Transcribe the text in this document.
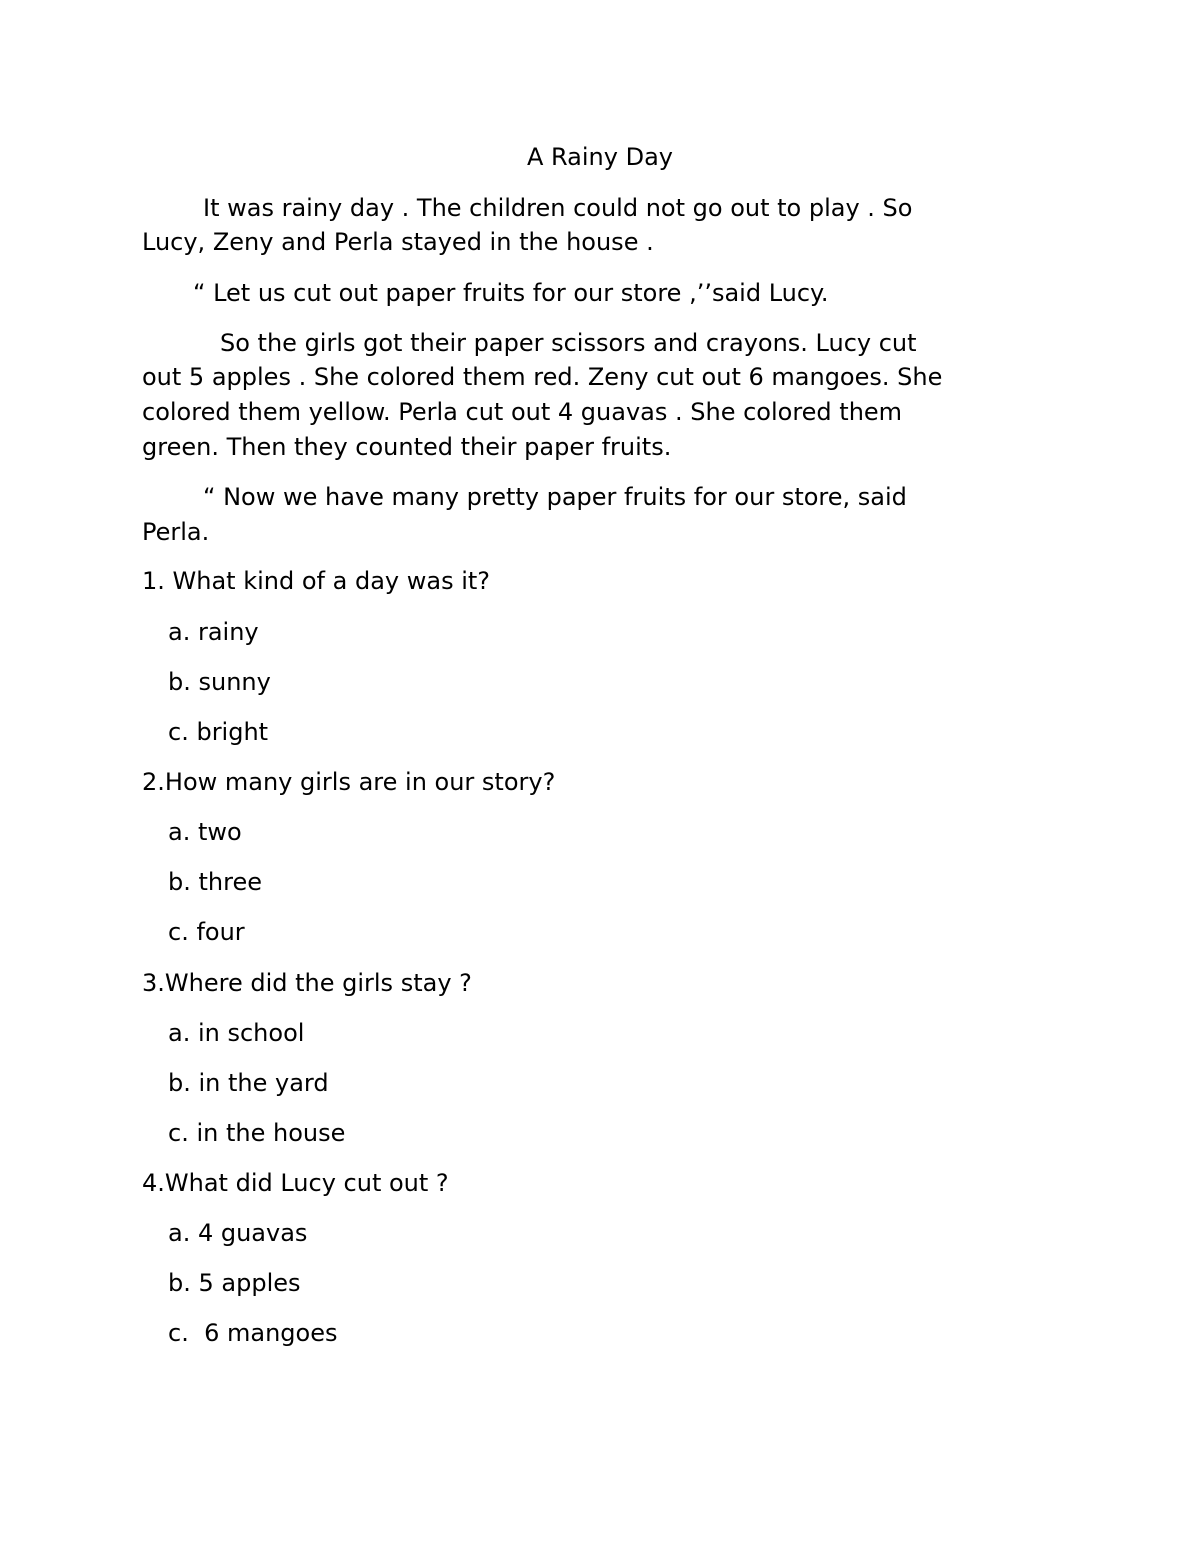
A Rainy Day
It was rainy day . The children could not go out to play . So
Lucy, Zeny and Perla stayed in the house .
“ Let us cut out paper fruits for our store ,’’said Lucy.
So the girls got their paper scissors and crayons. Lucy cut
out 5 apples . She colored them red. Zeny cut out 6 mangoes. She
colored them yellow. Perla cut out 4 guavas . She colored them
green. Then they counted their paper fruits.
“ Now we have many pretty paper fruits for our store, said
Perla.
1. What kind of a day was it?
a. rainy
b. sunny
c. bright
2.How many girls are in our story?
a. two
b. three
c. four
3.Where did the girls stay ?
a. in school
b. in the yard
c. in the house
4.What did Lucy cut out ?
a. 4 guavas
b. 5 apples
c.  6 mangoes
